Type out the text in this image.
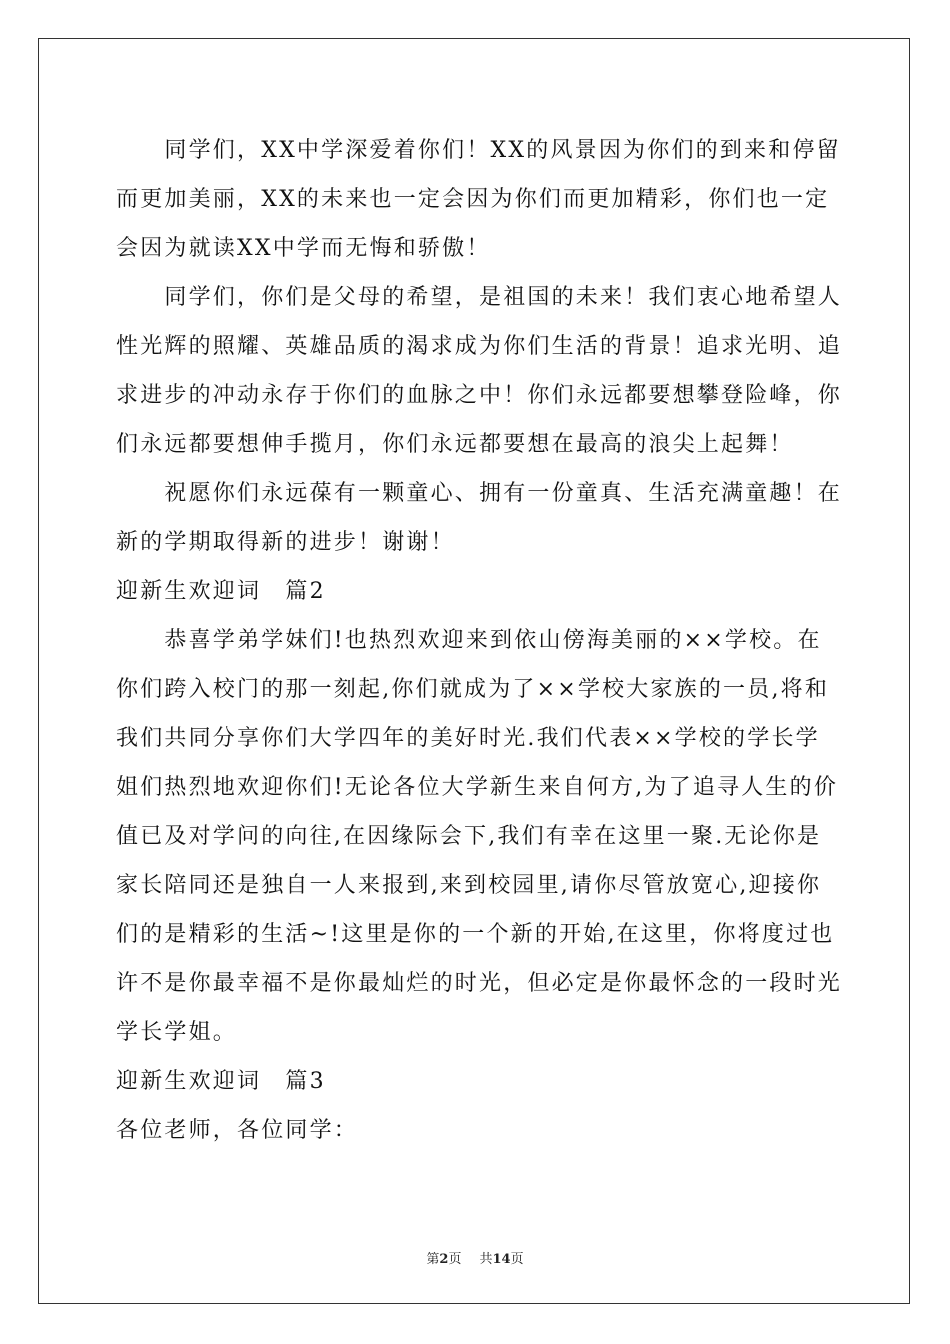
　　同学们，XX中学深爱着你们！XX的风景因为你们的到来和停留
而更加美丽，XX的未来也一定会因为你们而更加精彩，你们也一定
会因为就读XX中学而无悔和骄傲！
　　同学们，你们是父母的希望，是祖国的未来！我们衷心地希望人
性光辉的照耀、英雄品质的渴求成为你们生活的背景！追求光明、追
求进步的冲动永存于你们的血脉之中！你们永远都要想攀登险峰，你
们永远都要想伸手揽月，你们永远都要想在最高的浪尖上起舞！
　　祝愿你们永远葆有一颗童心、拥有一份童真、生活充满童趣！在
新的学期取得新的进步！谢谢！
迎新生欢迎词　篇2
　　恭喜学弟学妹们!也热烈欢迎来到依山傍海美丽的××学校。在
你们跨入校门的那一刻起,你们就成为了××学校大家族的一员,将和
我们共同分享你们大学四年的美好时光.我们代表××学校的学长学
姐们热烈地欢迎你们!无论各位大学新生来自何方,为了追寻人生的价
值已及对学问的向往,在因缘际会下,我们有幸在这里一聚.无论你是
家长陪同还是独自一人来报到,来到校园里,请你尽管放宽心,迎接你
们的是精彩的生活~!这里是你的一个新的开始,在这里，你将度过也
许不是你最幸福不是你最灿烂的时光，但必定是你最怀念的一段时光
学长学姐。
迎新生欢迎词　篇3
各位老师，各位同学：
第2页 共14页
